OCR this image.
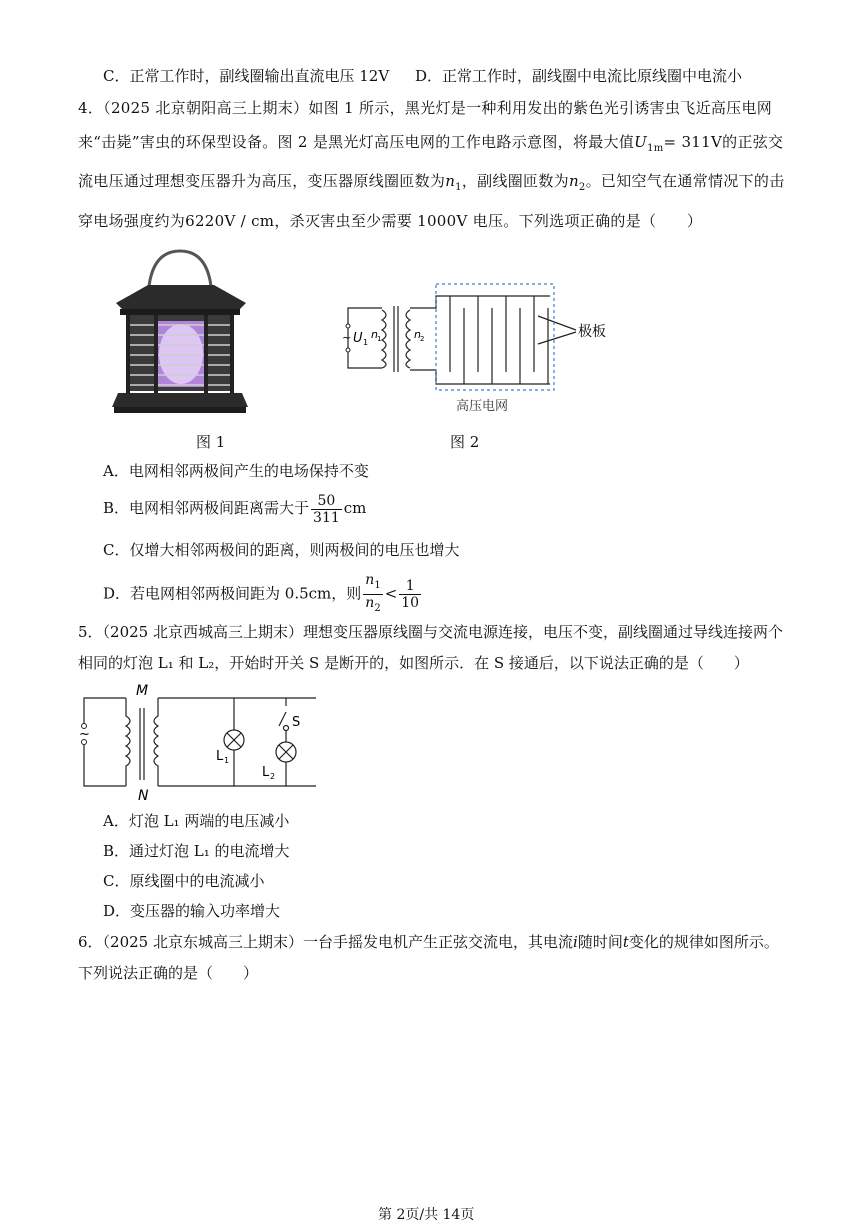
C．正常工作时，副线圈输出直流电压 12V D．正常工作时，副线圈中电流比原线圈中电流小
4．（2025 北京朝阳高三上期末）如图 1 所示，黑光灯是一种利用发出的紫色光引诱害虫飞近高压电网来“击毙”害虫的环保型设备。图 2 是黑光灯高压电网的工作电路示意图，将最大值$U_{1m}= 311V$的正弦交流电压通过理想变压器升为高压，变压器原线圈匝数为$n_1$，副线圈匝数为$n_2$。已知空气在通常情况下的击穿电场强度约为6220V / cm，杀灭害虫至少需要 1000V 电压。下列选项正确的是（　　）
图 1
~ U 1
n 1	n 2	极板
高压电网
图 2
A．电网相邻两极间产生的电场保持不变
B．电网相邻两极间距离需大于 $\frac{50}{311}$ cm
C．仅增大相邻两极间的距离，则两极间的电压也增大
D．若电网相邻两极间距为 0.5cm，则 $\frac{n_1}{n_2} < \frac{1}{10}$
5．（2025 北京西城高三上期末）理想变压器原线圈与交流电源连接，电压不变，副线圈通过导线连接两个
相同的灯泡 L₁ 和 L₂，开始时开关 S 是断开的，如图所示．在 S 接通后，以下说法正确的是（　　）
~
M
N
S
L 1
L 2
A．灯泡 L₁ 两端的电压减小
B．通过灯泡 L₁ 的电流增大
C．原线圈中的电流减小
D．变压器的输入功率增大
6．（2025 北京东城高三上期末）一台手摇发电机产生正弦交流电，其电流i随时间t变化的规律如图所示。
下列说法正确的是（　　）
第 2页/共 14页
